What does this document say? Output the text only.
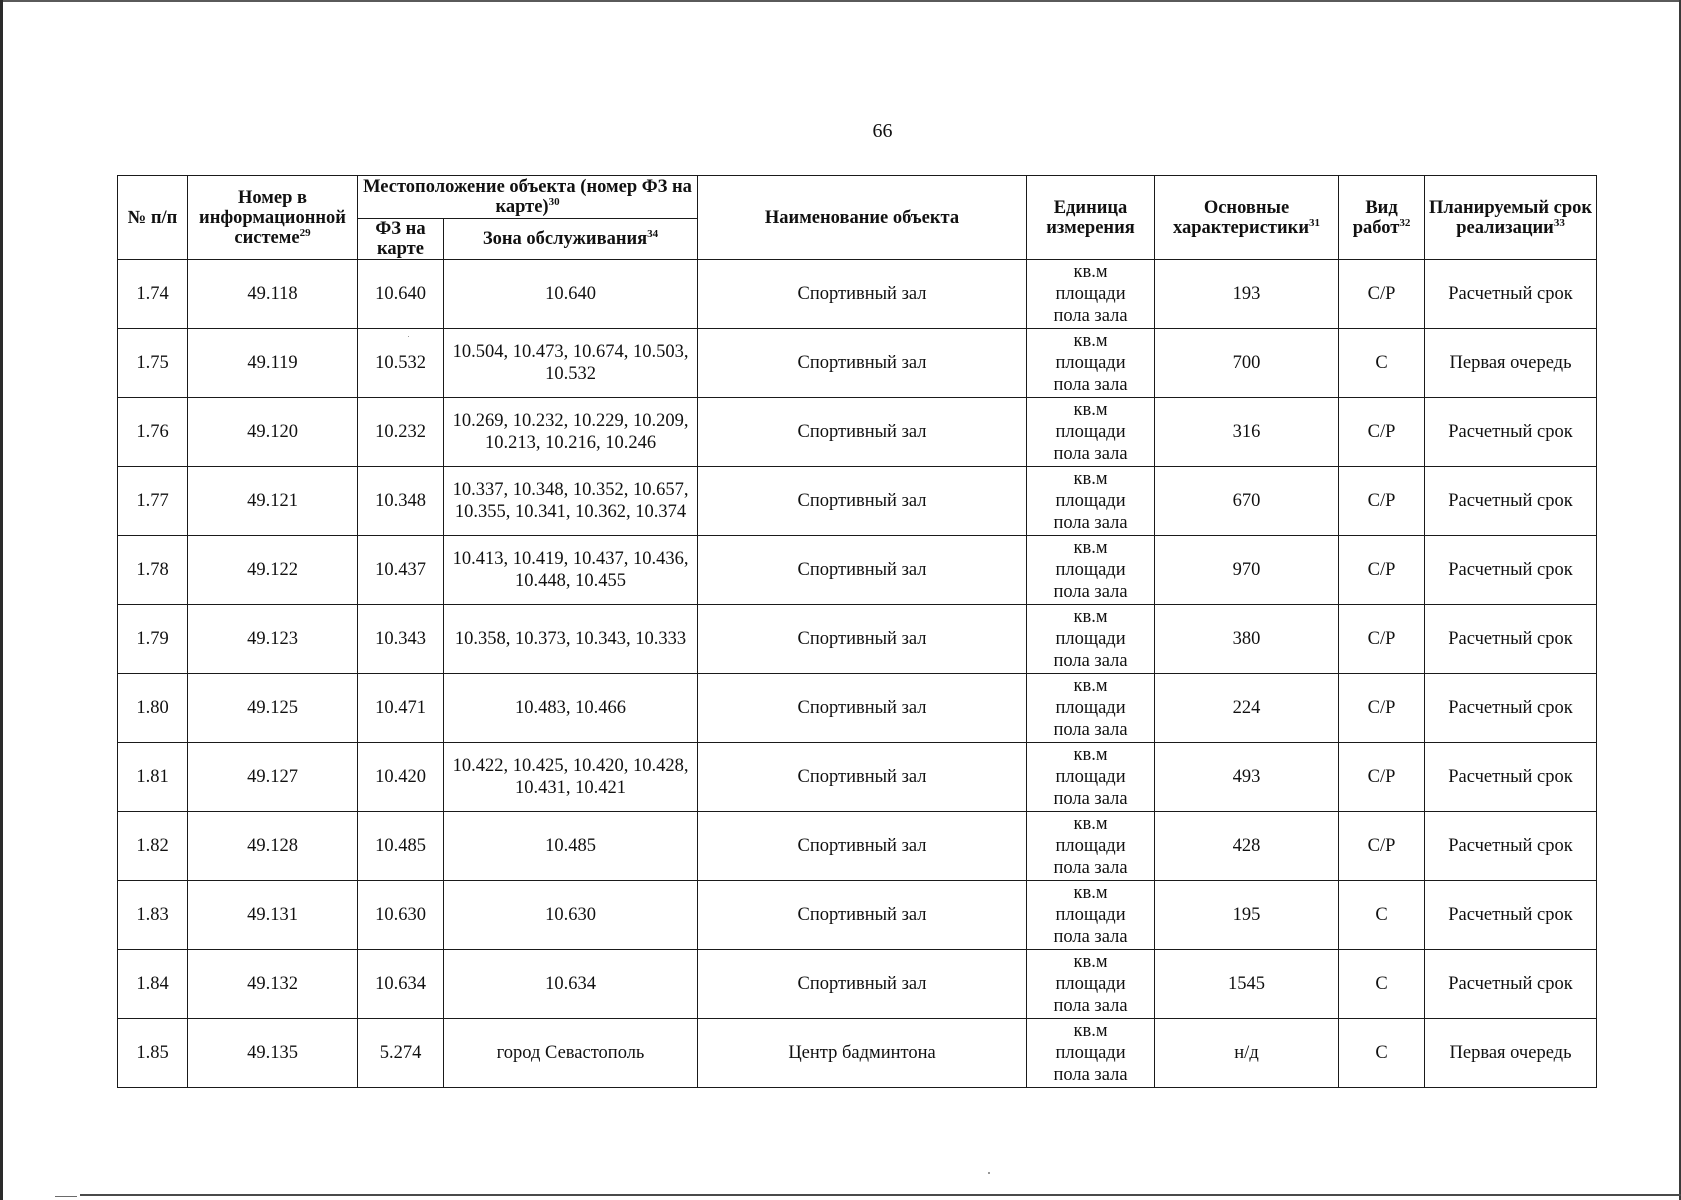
66
№ п/п	Номер в информационной системе$^{29}$	Местоположение объекта (номер ФЗ на карте)$^{30}$		Наименование объекта	Единица измерения	Основные характеристики$^{31}$	Вид работ$^{32}$	Планируемый срок реализации$^{33}$
		ФЗ на карте	Зона обслуживания$^{34}$
1.74	49.118	10.640	10.640	Спортивный зал	кв.м
площади
пола зала	193	С/Р	Расчетный срок
1.75	49.119	10.532	10.504, 10.473, 10.674, 10.503, 10.532	Спортивный зал	кв.м
площади
пола зала	700	С	Первая очередь
1.76	49.120	10.232	10.269, 10.232, 10.229, 10.209, 10.213, 10.216, 10.246	Спортивный зал	кв.м
площади
пола зала	316	С/Р	Расчетный срок
1.77	49.121	10.348	10.337, 10.348, 10.352, 10.657, 10.355, 10.341, 10.362, 10.374	Спортивный зал	кв.м
площади
пола зала	670	С/Р	Расчетный срок
1.78	49.122	10.437	10.413, 10.419, 10.437, 10.436, 10.448, 10.455	Спортивный зал	кв.м
площади
пола зала	970	С/Р	Расчетный срок
1.79	49.123	10.343	10.358, 10.373, 10.343, 10.333	Спортивный зал	кв.м
площади
пола зала	380	С/Р	Расчетный срок
1.80	49.125	10.471	10.483, 10.466	Спортивный зал	кв.м
площади
пола зала	224	С/Р	Расчетный срок
1.81	49.127	10.420	10.422, 10.425, 10.420, 10.428, 10.431, 10.421	Спортивный зал	кв.м
площади
пола зала	493	С/Р	Расчетный срок
1.82	49.128	10.485	10.485	Спортивный зал	кв.м
площади
пола зала	428	С/Р	Расчетный срок
1.83	49.131	10.630	10.630	Спортивный зал	кв.м
площади
пола зала	195	С	Расчетный срок
1.84	49.132	10.634	10.634	Спортивный зал	кв.м
площади
пола зала	1545	С	Расчетный срок
1.85	49.135	5.274	город Севастополь	Центр бадминтона	кв.м
площади
пола зала	н/д	С	Первая очередь
